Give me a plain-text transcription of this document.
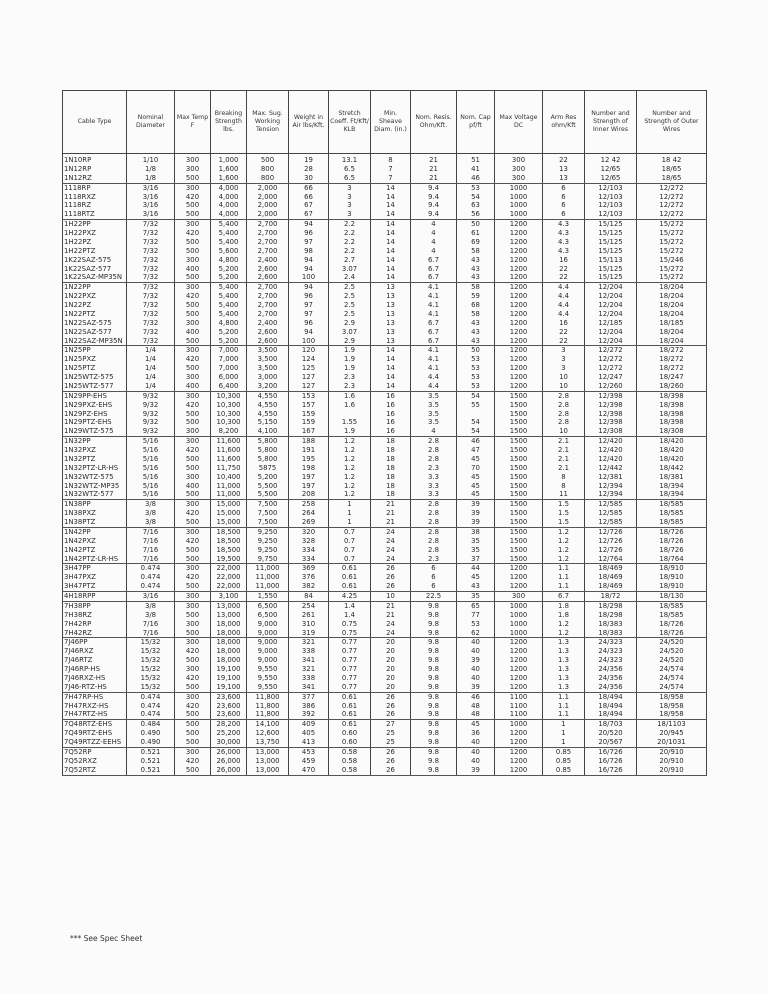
Cable Type	Nominal Diameter	Max Temp F	Breaking Strength lbs.	Max. Sug. Working Tension	Weight in Air lbs/Kft.	Stretch Coeff. Ft/Kft/ KLB	Min. Sheave Diam. (in.)	Nom. Resis. Ohm/Kft.	Nom. Cap pf/ft	Max Voltage DC	Arm Res ohm/Kft	Number and Strength of Inner Wires	Number and Strength of Outer Wires
1N10RP	1/10	300	1,000	500	19	13.1	8	21	51	300	22	12 42	18 42
1N12RP	1/8	300	1,600	800	28	6.5	7	21	41	300	13	12/65	18/65
1N12RZ	1/8	500	1,600	800	30	6.5	7	21	46	300	13	12/65	18/65
1118RP	3/16	300	4,000	2,000	66	3	14	9.4	53	1000	6	12/103	12/272
1118RXZ	3/16	420	4,000	2,000	66	3	14	9.4	54	1000	6	12/103	12/272
1118RZ	3/16	500	4,000	2,000	67	3	14	9.4	63	1000	6	12/103	12/272
1118RTZ	3/16	500	4,000	2,000	67	3	14	9.4	56	1000	6	12/103	12/272
1H22PP	7/32	300	5,400	2,700	94	2.2	14	4	50	1200	4.3	15/125	15/272
1H22PXZ	7/32	420	5,400	2,700	96	2.2	14	4	61	1200	4.3	15/125	15/272
1H22PZ	7/32	500	5,400	2,700	97	2.2	14	4	69	1200	4.3	15/125	15/272
1H22PTZ	7/32	500	5,600	2,700	98	2.2	14	4	58	1200	4.3	15/125	15/272
1K22SAZ-575	7/32	300	4,800	2,400	94	2.7	14	6.7	43	1200	16	15/113	15/246
1K22SAZ-577	7/32	400	5,200	2,600	94	3.07	14	6.7	43	1200	22	15/125	15/272
1K22SAZ-MP35N	7/32	500	5,200	2,600	100	2.4	14	6.7	43	1200	22	15/125	15/272
1N22PP	7/32	300	5,400	2,700	94	2.5	13	4.1	58	1200	4.4	12/204	18/204
1N22PXZ	7/32	420	5,400	2,700	96	2.5	13	4.1	59	1200	4.4	12/204	18/204
1N22PZ	7/32	500	5,400	2,700	97	2.5	13	4.1	68	1200	4.4	12/204	18/204
1N22PTZ	7/32	500	5,400	2,700	97	2.5	13	4.1	58	1200	4.4	12/204	18/204
1N22SAZ-575	7/32	300	4,800	2,400	96	2.9	13	6.7	43	1200	16	12/185	18/185
1N22SAZ-577	7/32	400	5,200	2,600	94	3.07	13	6.7	43	1200	22	12/204	18/204
1N22SAZ-MP35N	7/32	500	5,200	2,600	100	2.9	13	6.7	43	1200	22	12/204	18/204
1N25PP	1/4	300	7,000	3,500	120	1.9	14	4.1	50	1200	3	12/272	18/272
1N25PXZ	1/4	420	7,000	3,500	124	1.9	14	4.1	53	1200	3	12/272	18/272
1N25PTZ	1/4	500	7,000	3,500	125	1.9	14	4.1	53	1200	3	12/272	18/272
1N25WTZ-575	1/4	300	6,000	3,000	127	2.3	14	4.4	53	1200	10	12/247	18/247
1N25WTZ-577	1/4	400	6,400	3,200	127	2.3	14	4.4	53	1200	10	12/260	18/260
1N29PP-EHS	9/32	300	10,300	4,550	153	1.6	16	3.5	54	1500	2.8	12/398	18/398
1N29PXZ-EHS	9/32	420	10,300	4,550	157	1.6	16	3.5	55	1500	2.8	12/398	18/398
1N29PZ-EHS	9/32	500	10,300	4,550	159		16	3.5		1500	2.8	12/398	18/398
1N29PTZ-EHS	9/32	500	10,300	5,150	159	1.55	16	3.5	54	1500	2.8	12/398	18/398
1N29WTZ-575	9/32	300	8,200	4,100	167	1.9	16	4	54	1500	10	12/308	18/308
1N32PP	5/16	300	11,600	5,800	188	1.2	18	2.8	46	1500	2.1	12/420	18/420
1N32PXZ	5/16	420	11,600	5,800	191	1.2	18	2.8	47	1500	2.1	12/420	18/420
1N32PTZ	5/16	500	11,600	5,800	195	1.2	18	2.8	45	1500	2.1	12/420	18/420
1N32PTZ-LR-HS	5/16	500	11,750	5875	198	1.2	18	2.3	70	1500	2.1	12/442	18/442
1N32WTZ-575	5/16	300	10,400	5,200	197	1.2	18	3.3	45	1500	8	12/381	18/381
1N32WTZ-MP35	5/16	400	11,000	5,500	197	1.2	18	3.3	45	1500	8	12/394	18/394
1N32WTZ-577	5/16	500	11,000	5,500	208	1.2	18	3.3	45	1500	11	12/394	18/394
1N38PP	3/8	300	15,000	7,500	258	1	21	2.8	39	1500	1.5	12/585	18/585
1N38PXZ	3/8	420	15,000	7,500	264	1	21	2.8	39	1500	1.5	12/585	18/585
1N38PTZ	3/8	500	15,000	7,500	269	1	21	2.8	39	1500	1.5	12/585	18/585
1N42PP	7/16	300	18,500	9,250	320	0.7	24	2.8	38	1500	1.2	12/726	18/726
1N42PXZ	7/16	420	18,500	9,250	328	0.7	24	2.8	35	1500	1.2	12/726	18/726
1N42PTZ	7/16	500	18,500	9,250	334	0.7	24	2.8	35	1500	1.2	12/726	18/726
1N42PTZ-LR-HS	7/16	500	19,500	9,750	334	0.7	24	2.3	37	1500	1.2	12/764	18/764
3H47PP	0.474	300	22,000	11,000	369	0.61	26	6	44	1200	1.1	18/469	18/910
3H47PXZ	0.474	420	22,000	11,000	376	0.61	26	6	45	1200	1.1	18/469	18/910
3H47PTZ	0.474	500	22,000	11,000	382	0.61	26	6	43	1200	1.1	18/469	18/910
4H18RPP	3/16	300	3,100	1,550	84	4.25	10	22.5	35	300	6.7	18/72	18/130
7H38PP	3/8	300	13,000	6,500	254	1.4	21	9.8	65	1000	1.8	18/298	18/585
7H38RZ	3/8	500	13,000	6,500	261	1.4	21	9.8	77	1000	1.8	18/298	18/585
7H42RP	7/16	300	18,000	9,000	310	0.75	24	9.8	53	1000	1.2	18/383	18/726
7H42RZ	7/16	500	18,000	9,000	319	0.75	24	9.8	62	1000	1.2	18/383	18/726
7J46PP	15/32	300	18,000	9,000	321	0.77	20	9.8	40	1200	1.3	24/323	24/520
7J46RXZ	15/32	420	18,000	9,000	338	0.77	20	9.8	40	1200	1.3	24/323	24/520
7J46RTZ	15/32	500	18,000	9,000	341	0.77	20	9.8	39	1200	1.3	24/323	24/520
7J46RP-HS	15/32	300	19,100	9,550	321	0.77	20	9.8	40	1200	1.3	24/356	24/574
7J46RXZ-HS	15/32	420	19,100	9,550	338	0.77	20	9.8	40	1200	1.3	24/356	24/574
7J46-RTZ-HS	15/32	500	19,100	9,550	341	0.77	20	9.8	39	1200	1.3	24/356	24/574
7H47RP-HS	0.474	300	23,600	11,800	377	0.61	26	9.8	46	1100	1.1	18/494	18/958
7H47RXZ-HS	0.474	420	23,600	11,800	386	0.61	26	9.8	48	1100	1.1	18/494	18/958
7H47RTZ-HS	0.474	500	23,600	11,800	392	0.61	26	9.8	48	1100	1.1	18/494	18/958
7Q48RTZ-EHS	0.484	500	28,200	14,100	409	0.61	27	9.8	45	1000	1	18/703	18/1103
7Q49RTZ-EHS	0.490	500	25,200	12,600	405	0.60	25	9.8	36	1200	1	20/520	20/945
7Q49RTZZ-EEHS	0.490	500	30,000	13,750	413	0.60	25	9.8	40	1200	1	20/567	20/1031
7Q52RP	0.521	300	26,000	13,000	453	0.58	26	9.8	40	1200	0.85	16/726	20/910
7Q52RXZ	0.521	420	26,000	13,000	459	0.58	26	9.8	40	1200	0.85	16/726	20/910
7Q52RTZ	0.521	500	26,000	13,000	470	0.58	26	9.8	39	1200	0.85	16/726	20/910
*** See Spec Sheet
